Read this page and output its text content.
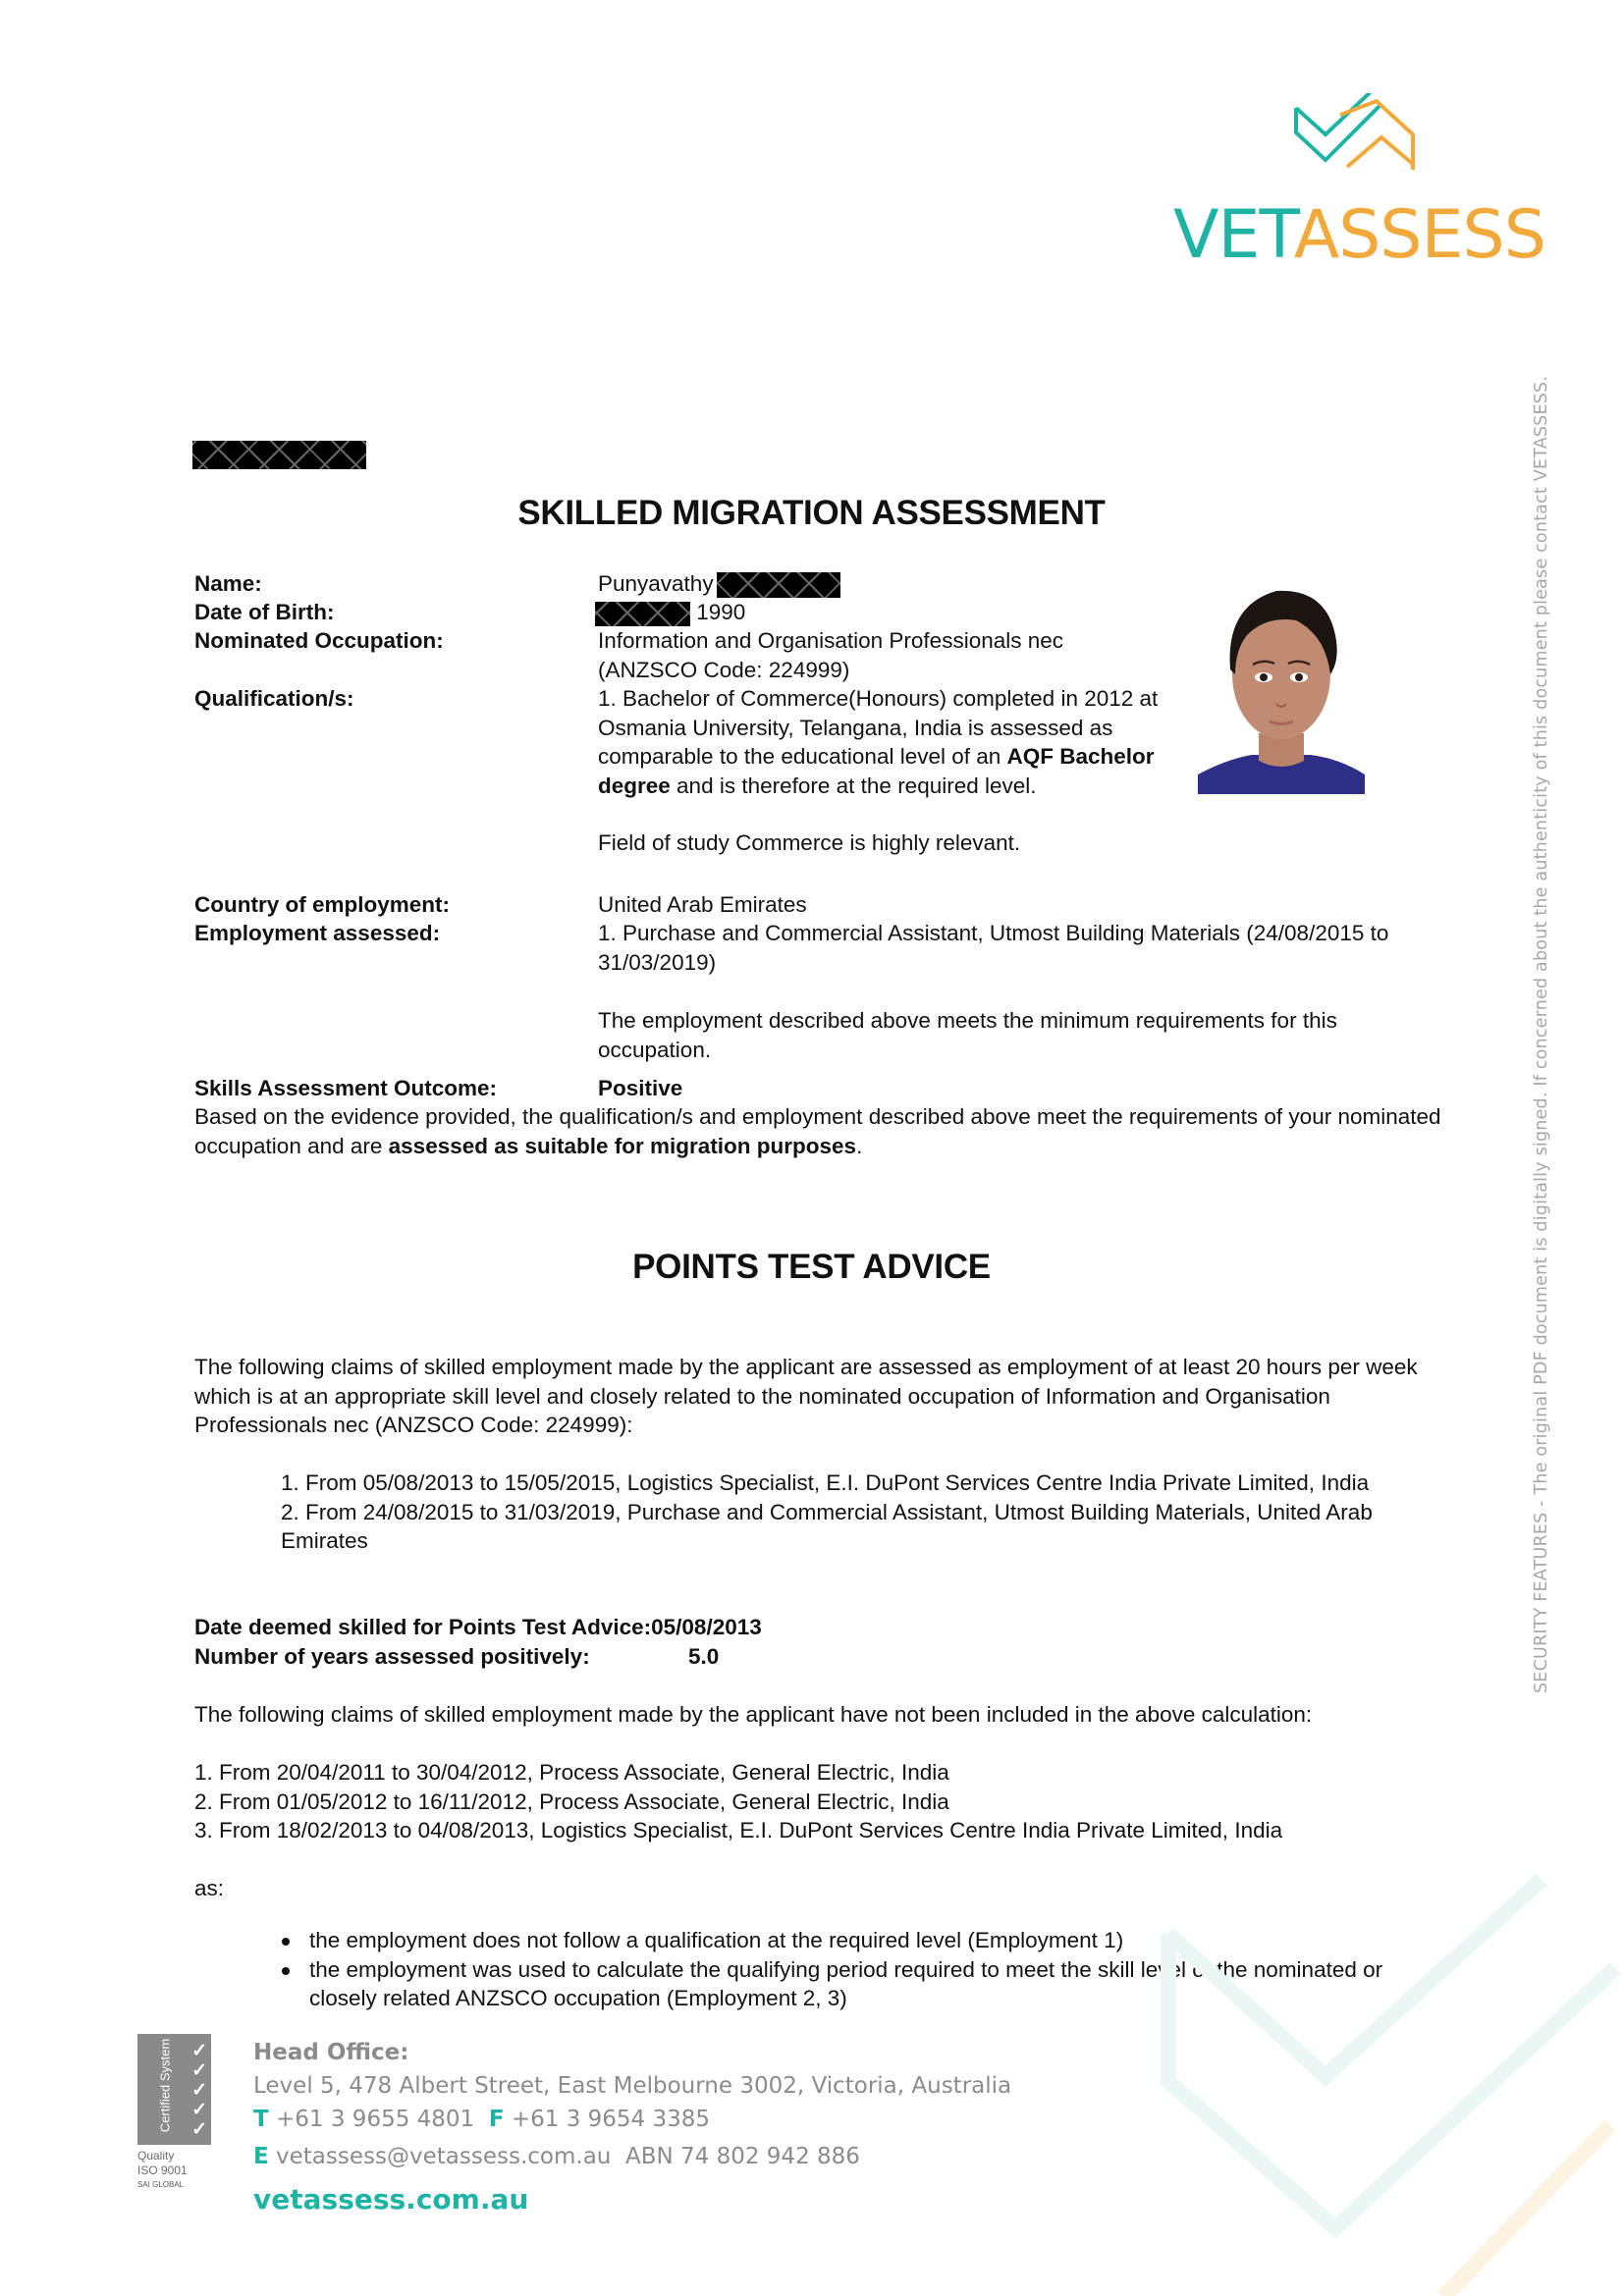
VETASSESS
SKILLED MIGRATION ASSESSMENT
Name:	Punyavathy
Date of Birth:	1990
Nominated Occupation:	Information and Organisation Professionals nec
(ANZSCO Code: 224999)
Qualification/s:	1. Bachelor of Commerce(Honours) completed in 2012 at Osmania University, Telangana, India is assessed as comparable to the educational level of an AQF Bachelor degree and is therefore at the required level.
Field of study Commerce is highly relevant.
Country of employment:	United Arab Emirates
Employment assessed:	1. Purchase and Commercial Assistant, Utmost Building Materials (24/08/2015 to 31/03/2019)
The employment described above meets the minimum requirements for this occupation.
Skills Assessment Outcome:	Positive
Based on the evidence provided, the qualification/s and employment described above meet the requirements of your nominated occupation and are assessed as suitable for migration purposes.
POINTS TEST ADVICE
The following claims of skilled employment made by the applicant are assessed as employment of at least 20 hours per week which is at an appropriate skill level and closely related to the nominated occupation of Information and Organisation Professionals nec (ANZSCO Code: 224999):
1. From 05/08/2013 to 15/05/2015, Logistics Specialist, E.I. DuPont Services Centre India Private Limited, India
2. From 24/08/2015 to 31/03/2019, Purchase and Commercial Assistant, Utmost Building Materials, United Arab Emirates
Date deemed skilled for Points Test Advice:05/08/2013
Number of years assessed positively:	5.0
The following claims of skilled employment made by the applicant have not been included in the above calculation:
1. From 20/04/2011 to 30/04/2012, Process Associate, General Electric, India
2. From 01/05/2012 to 16/11/2012, Process Associate, General Electric, India
3. From 18/02/2013 to 04/08/2013, Logistics Specialist, E.I. DuPont Services Centre India Private Limited, India
as:
the employment does not follow a qualification at the required level (Employment 1)
the employment was used to calculate the qualifying period required to meet the skill level of the nominated or closely related ANZSCO occupation (Employment 2, 3)
SECURITY FEATURES - The original PDF document is digitally signed. If concerned about the authenticity of this document please contact VETASSESS.
Certified System ✓
✓
✓
✓
✓
Quality
ISO 9001
SAI GLOBAL
Head Office:
Level 5, 478 Albert Street, East Melbourne 3002, Victoria, Australia
T +61 3 9655 4801 F +61 3 9654 3385
E vetassess@vetassess.com.au ABN 74 802 942 886
vetassess.com.au
